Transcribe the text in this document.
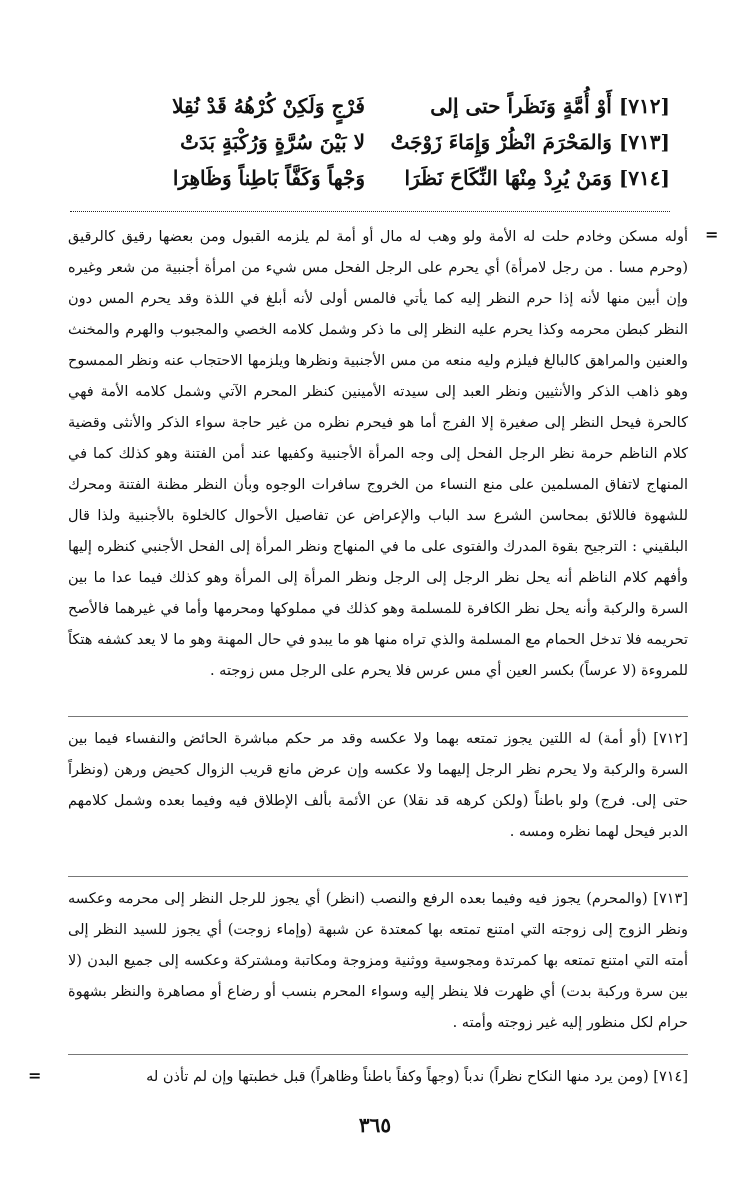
[٧١٢] أَوْ أُمَّةٍ وَنَظَراً حتى إلى
فَرْجٍ وَلَكِنْ كُرْهُهُ قَدْ نُقِلا
[٧١٣] وَالمَحْرَمَ انْظُرْ وَإِمَاءَ زَوْجَتْ
لا بَيْنَ سُرَّةٍ وَرُكْبَةٍ بَدَتْ
[٧١٤] وَمَنْ يُرِدْ مِنْهَا النِّكَاحَ نَظَرَا
وَجْهاً وَكَفَّاً بَاطِناً وَظَاهِرَا
=
أوله مسكن وخادم حلت له الأمة ولو وهب له مال أو أمة لم يلزمه القبول ومن بعضها رقيق كالرقيق (وحرم مسا . من رجل لامرأة) أي يحرم على الرجل الفحل مس شيء من امرأة أجنبية من شعر وغيره وإن أبين منها لأنه إذا حرم النظر إليه كما يأتي فالمس أولى لأنه أبلغ في اللذة وقد يحرم المس دون النظر كبطن محرمه وكذا يحرم عليه النظر إلى ما ذكر وشمل كلامه الخصي والمجبوب والهرم والمخنث والعنين والمراهق كالبالغ فيلزم وليه منعه من مس الأجنبية ونظرها ويلزمها الاحتجاب عنه ونظر الممسوح وهو ذاهب الذكر والأنثيين ونظر العبد إلى سيدته الأمينين كنظر المحرم الآتي وشمل كلامه الأمة فهي كالحرة فيحل النظر إلى صغيرة إلا الفرج أما هو فيحرم نظره من غير حاجة سواء الذكر والأنثى وقضية كلام الناظم حرمة نظر الرجل الفحل إلى وجه المرأة الأجنبية وكفيها عند أمن الفتنة وهو كذلك كما في المنهاج لاتفاق المسلمين على منع النساء من الخروج سافرات الوجوه وبأن النظر مظنة الفتنة ومحرك للشهوة فاللائق بمحاسن الشرع سد الباب والإعراض عن تفاصيل الأحوال كالخلوة بالأجنبية ولذا قال البلقيني : الترجيح بقوة المدرك والفتوى على ما في المنهاج ونظر المرأة إلى الفحل الأجنبي كنظره إليها وأفهم كلام الناظم أنه يحل نظر الرجل إلى الرجل ونظر المرأة إلى المرأة وهو كذلك فيما عدا ما بين السرة والركبة وأنه يحل نظر الكافرة للمسلمة وهو كذلك في مملوكها ومحرمها وأما في غيرهما فالأصح تحريمه فلا تدخل الحمام مع المسلمة والذي تراه منها هو ما يبدو في حال المهنة وهو ما لا يعد كشفه هتكاً للمروءة (لا عرساً) بكسر العين أي مس عرس فلا يحرم على الرجل مس زوجته .
[٧١٢] (أو أمة) له اللتين يجوز تمتعه بهما ولا عكسه وقد مر حكم مباشرة الحائض والنفساء فيما بين السرة والركبة ولا يحرم نظر الرجل إليهما ولا عكسه وإن عرض مانع قريب الزوال كحيض ورهن (ونظراً حتى إلى. فرج) ولو باطناً (ولكن كرهه قد نقلا) عن الأئمة بألف الإطلاق فيه وفيما بعده وشمل كلامهم الدبر فيحل لهما نظره ومسه .
[٧١٣] (والمحرم) يجوز فيه وفيما بعده الرفع والنصب (انظر) أي يجوز للرجل النظر إلى محرمه وعكسه ونظر الزوج إلى زوجته التي امتنع تمتعه بها كمعتدة عن شبهة (وإماء زوجت) أي يجوز للسيد النظر إلى أمته التي امتنع تمتعه بها كمرتدة ومجوسية ووثنية ومزوجة ومكاتبة ومشتركة وعكسه إلى جميع البدن (لا بين سرة وركبة بدت) أي ظهرت فلا ينظر إليه وسواء المحرم بنسب أو رضاع أو مصاهرة والنظر بشهوة حرام لكل منظور إليه غير زوجته وأمته .
[٧١٤] (ومن يرد منها النكاح نظراً) ندباً (وجهاً وكفاً باطناً وظاهراً) قبل خطبتها وإن لم تأذن له
=
٣٦٥
